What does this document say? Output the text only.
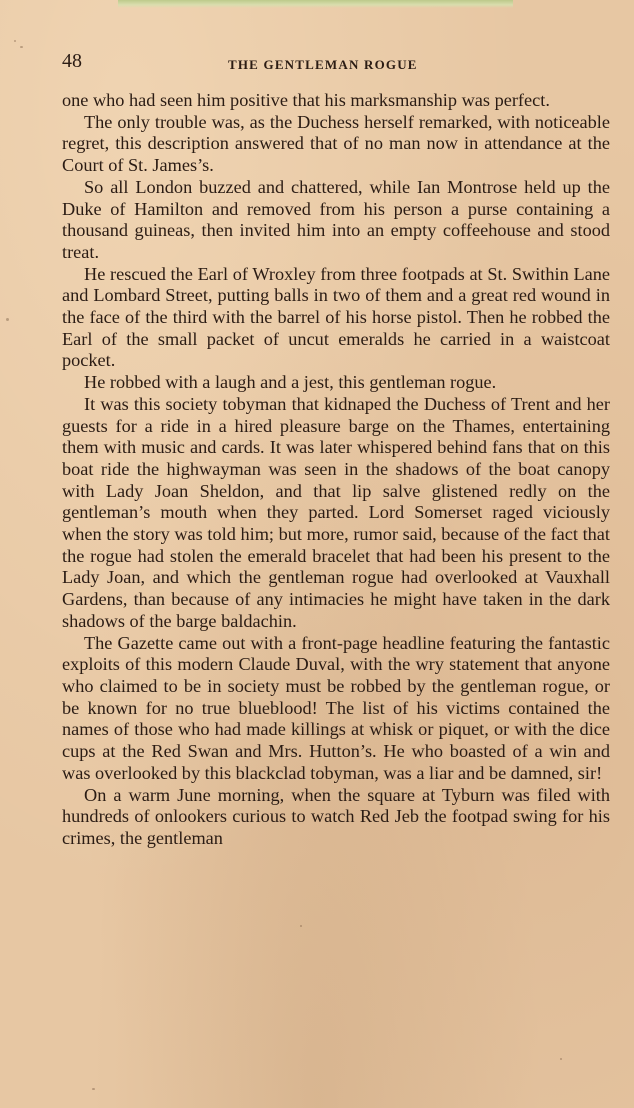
48	THE GENTLEMAN ROGUE

one who had seen him positive that his marksmanship was perfect.

The only trouble was, as the Duchess herself remarked, with noticeable regret, this description answered that of no man now in attendance at the Court of St. James’s.

So all London buzzed and chattered, while Ian Montrose held up the Duke of Hamilton and removed from his person a purse containing a thousand guineas, then invited him into an empty coffeehouse and stood treat.

He rescued the Earl of Wroxley from three footpads at St. Swithin Lane and Lombard Street, putting balls in two of them and a great red wound in the face of the third with the barrel of his horse pistol. Then he robbed the Earl of the small packet of uncut emeralds he carried in a waistcoat pocket.

He robbed with a laugh and a jest, this gentleman rogue.

It was this society tobyman that kidnaped the Duchess of Trent and her guests for a ride in a hired pleasure barge on the Thames, entertaining them with music and cards. It was later whispered behind fans that on this boat ride the highwayman was seen in the shadows of the boat canopy with Lady Joan Sheldon, and that lip salve glistened redly on the gentleman’s mouth when they parted. Lord Somerset raged viciously when the story was told him; but more, rumor said, because of the fact that the rogue had stolen the emerald bracelet that had been his present to the Lady Joan, and which the gentleman rogue had overlooked at Vauxhall Gardens, than because of any intimacies he might have taken in the dark shadows of the barge baldachin.

The Gazette came out with a front-page headline featuring the fantastic exploits of this modern Claude Duval, with the wry statement that anyone who claimed to be in society must be robbed by the gentleman rogue, or be known for no true blueblood! The list of his victims contained the names of those who had made killings at whisk or piquet, or with the dice cups at the Red Swan and Mrs. Hutton’s. He who boasted of a win and was overlooked by this blackclad tobyman, was a liar and be damned, sir!

On a warm June morning, when the square at Tyburn was filed with hundreds of onlookers curious to watch Red Jeb the footpad swing for his crimes, the gentleman
